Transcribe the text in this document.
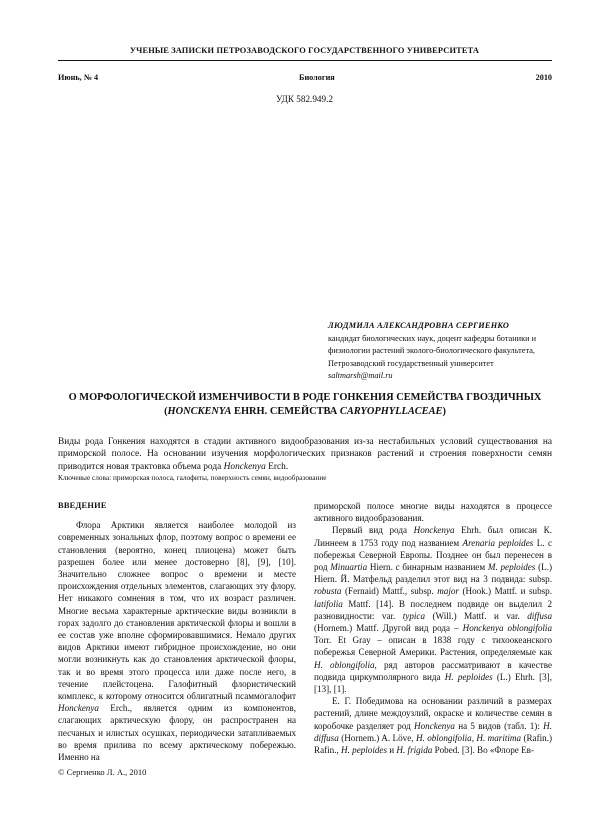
УЧЕНЫЕ ЗАПИСКИ ПЕТРОЗАВОДСКОГО ГОСУДАРСТВЕННОГО УНИВЕРСИТЕТА
Июнь, № 4	Биология	2010
УДК 582.949.2
ЛЮДМИЛА АЛЕКСАНДРОВНА СЕРГИЕНКО
кандидат биологических наук, доцент кафедры ботаники и
физиологии растений эколого-биологического факультета,
Петрозаводский государственный университет
saltmarsh@mail.ru
О МОРФОЛОГИЧЕСКОЙ ИЗМЕНЧИВОСТИ В РОДЕ ГОНКЕНИЯ СЕМЕЙСТВА ГВОЗДИЧНЫХ
(HONCKENYA EHRH. СЕМЕЙСТВА CARYOPHYLLACEAE)

Виды рода Гонкения находятся в стадии активного видообразования из-за нестабильных условий существования на приморской полосе. На основании изучения морфологических признаков растений и строения поверхности семян приводится новая трактовка объема рода Honckenya Erch.

Ключевые слова: приморская полоса, галофиты, поверхность семян, видообразование

ВВЕДЕНИЕ

Флора Арктики является наиболее молодой из современных зональных флор, поэтому вопрос о времени ее становления (вероятно, конец плиоцена) может быть разрешен более или менее достоверно [8], [9], [10]. Значительно сложнее вопрос о времени и месте происхождения отдельных элементов, слагающих эту флору. Нет никакого сомнения в том, что их возраст различен. Многие весьма характерные арктические виды возникли в горах задолго до становления арктической флоры и вошли в ее состав уже вполне сформировавшимися. Немало других видов Арктики имеют гибридное происхождение, но они могли возникнуть как до становления арктической флоры, так и во время этого процесса или даже после него, в течение плейстоцена. Галофитный флористический комплекс, к которому относится облигатный псаммогалофит Honckenya Erch., является одним из компонентов, слагающих арктическую флору, он распространен на песчаных и илистых осушках, периодически затапливаемых во время прилива по всему арктическому побережью. Именно на

приморской полосе многие виды находятся в процессе активного видообразования.

Первый вид рода Honckenya Ehrh. был описан К. Линнеем в 1753 году под названием Arenaria peploides L. с побережья Северной Европы. Позднее он был перенесен в род Minuartia Hiern. с бинарным названием M. peploides (L.) Hiern. Й. Матфельд разделил этот вид на 3 подвида: subsp. robusta (Fernaid) Mattf., subsp. major (Hook.) Mattf. и subsp. latifolia Mattf. [14]. В последнем подвиде он выделил 2 разновидности: var. typica (Will.) Mattf. и var. diffusa (Hornem.) Mattf. Другой вид рода – Honckenya oblongifolia Torr. Et Gray – описан в 1838 году с тихоокеанского побережья Северной Америки. Растения, определяемые как H. oblongifolia, ряд авторов рассматривают в качестве подвида циркумполярного вида H. peploides (L.) Ehrh. [3], [13], [1].

Е. Г. Победимова на основании различий в размерах растений, длине междоузлий, окраске и количестве семян в коробочке разделяет род Honckenya на 5 видов (табл. 1): H. diffusa (Hornem.) A. Löve, H. oblongifolia, H. maritima (Rafin.) Rafin., H. peploides и H. frigida Pobed. [3]. Во «Флоре Ев-

© Сергиенко Л. А., 2010
